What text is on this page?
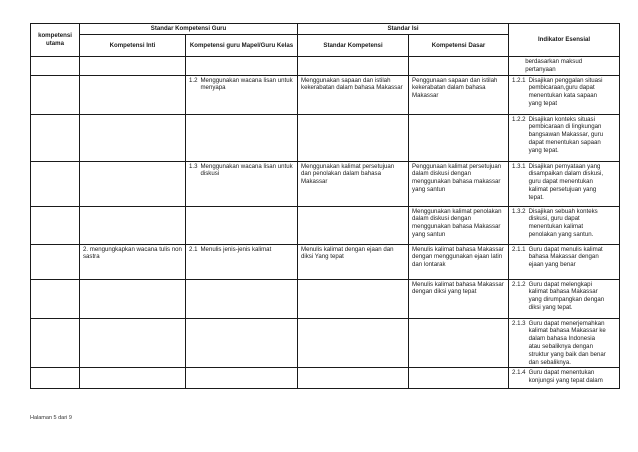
kompetensi utama	Standar Kompetensi Guru		Standar Isi		Indikator Esensial
	Kompetensi Inti	Kompetensi guru Mapel/Guru Kelas	Standar Kompetensi	Kompetensi Dasar	

					berdasarkan maksud pertanyaan

		1.2 Menggunakan wacana lisan untuk menyapa	Menggunakan sapaan dan istilah kekerabatan dalam bahasa Makassar	Penggunaan sapaan dan istilah kekerabatan dalam bahasa Makassar	1.2.1 Disajikan penggalan situasi pembicaraan,guru dapat menentukan kata sapaan yang tepat

					1.2.2 Disajikan konteks situasi pembicaraan di lingkungan bangsawan Makassar, guru dapat menentukan sapaan yang tepat.

		1.3 Menggunakan wacana lisan untuk diskusi	Menggunakan kalimat persetujuan dan penolakan dalam bahasa Makassar	Penggunaan kalimat persetujuan dalam diskusi dengan menggunakan bahasa makassar yang santun	1.3.1 Disajikan pernyataan yang disampaikan dalam diskusi, guru dapat menentukan kalimat persetujuan yang tepat.

				Menggunakan kalimat penolakan dalam diskusi dengan menggunakan bahasa Makassar yang santun	1.3.2 Disajikan sebuah konteks diskusi, guru dapat menentukan kalimat penolakan yang santun.

	2. mengungkapkan wacana tulis non sastra	2.1 Menulis jenis-jenis kalimat	Menulis kalimat dengan ejaan dan diksi Yang tepat	Menulis kalimat bahasa Makassar dengan menggunakan ejaan latin dan lontarak	2.1.1 Guru dapat menulis kalimat bahasa Makassar dengan ejaan yang benar

				Menulis kalimat bahasa Makassar dengan diksi yang tepat	2.1.2 Guru dapat melengkapi kalimat bahasa Makassar yang dirumpangkan dengan diksi yang tepat.

					2.1.3 Guru dapat menerjemahkan kalimat bahasa Makassar ke dalam bahasa Indonesia atau sebaliknya dengan struktur yang baik dan benar dan sebaliknya.

					2.1.4 Guru dapat menentukan konjungsi yang tepat dalam
Halaman 5 dari 9
